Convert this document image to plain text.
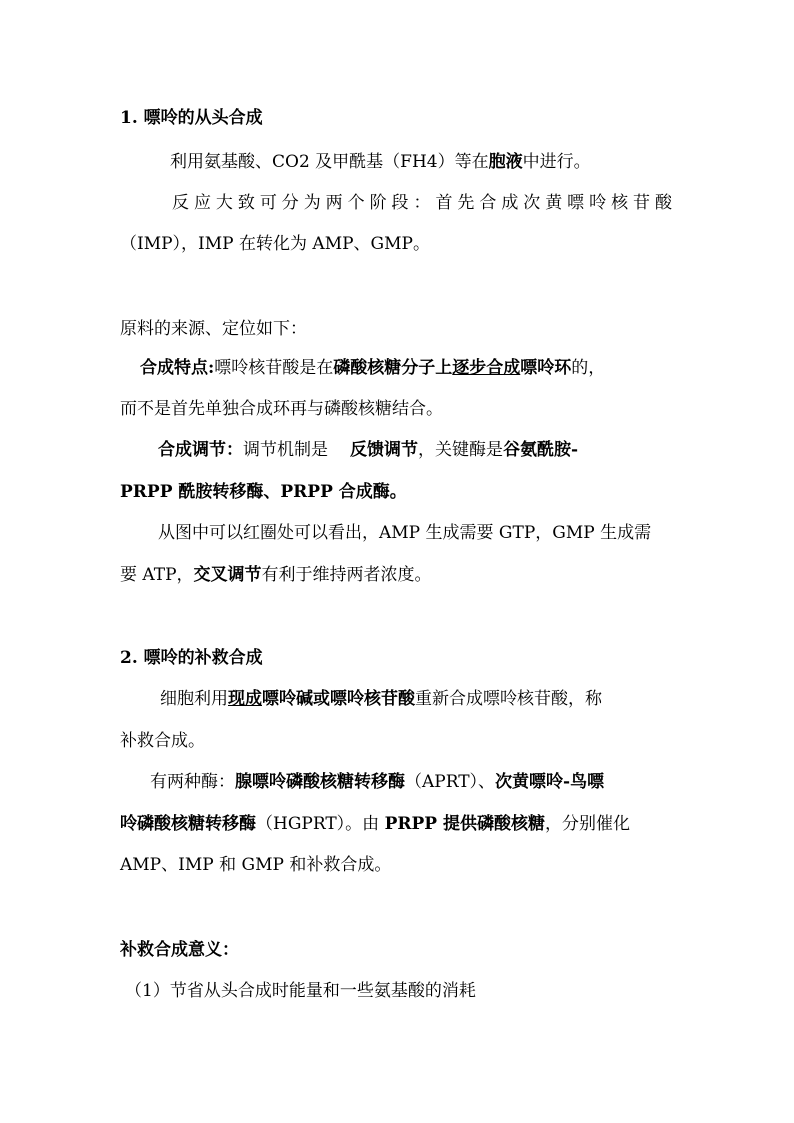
1. 嘌呤的从头合成

利用氨基酸、CO2 及甲酰基（FH4）等在胞液中进行。

反应大致可分为两个阶段：首先合成次黄嘌呤核苷酸

（IMP），IMP 在转化为 AMP、GMP。

原料的来源、定位如下：

合成特点:嘌呤核苷酸是在磷酸核糖分子上逐步合成嘌呤环的，

而不是首先单独合成环再与磷酸核糖结合。

合成调节：调节机制是 反馈调节，关键酶是谷氨酰胺-

PRPP 酰胺转移酶、PRPP 合成酶。

从图中可以红圈处可以看出，AMP 生成需要 GTP，GMP 生成需

要 ATP，交叉调节有利于维持两者浓度。

2. 嘌呤的补救合成

细胞利用现成嘌呤碱或嘌呤核苷酸重新合成嘌呤核苷酸，称

补救合成。

有两种酶：腺嘌呤磷酸核糖转移酶（APRT）、次黄嘌呤-鸟嘌

呤磷酸核糖转移酶（HGPRT）。由 PRPP 提供磷酸核糖，分别催化

AMP、IMP 和 GMP 和补救合成。

补救合成意义：

（1）节省从头合成时能量和一些氨基酸的消耗
